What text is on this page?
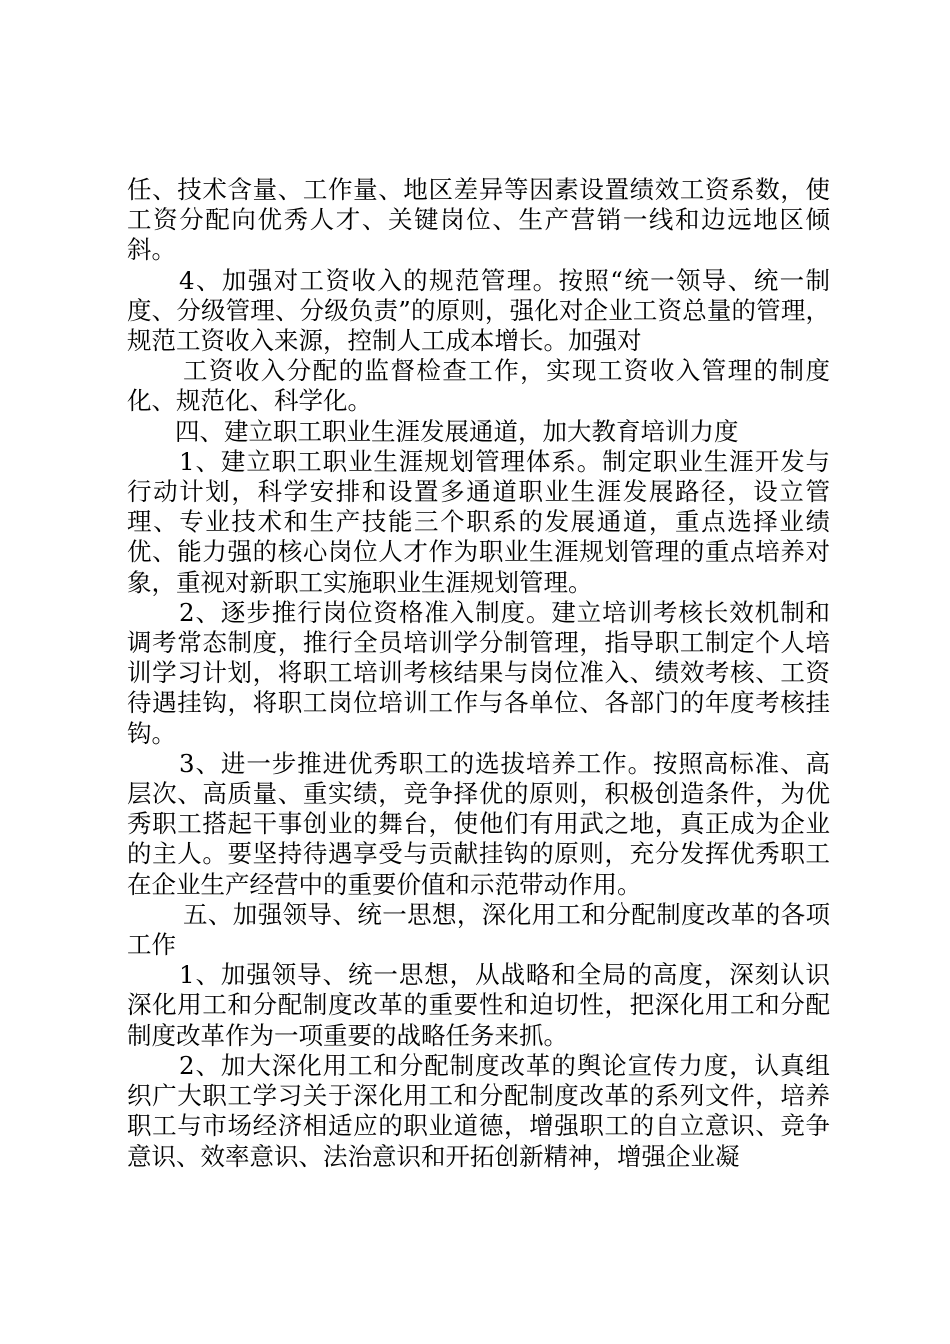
任、技术含量、工作量、地区差异等因素设置绩效工资系数，使工资分配向优秀人才、关键岗位、生产营销一线和边远地区倾斜。

4、加强对工资收入的规范管理。按照“统一领导、统一制度、分级管理、分级负责”的原则，强化对企业工资总量的管理，规范工资收入来源，控制人工成本增长。加强对

工资收入分配的监督检查工作，实现工资收入管理的制度化、规范化、科学化。

四、建立职工职业生涯发展通道，加大教育培训力度

1、建立职工职业生涯规划管理体系。制定职业生涯开发与行动计划，科学安排和设置多通道职业生涯发展路径，设立管理、专业技术和生产技能三个职系的发展通道，重点选择业绩优、能力强的核心岗位人才作为职业生涯规划管理的重点培养对象，重视对新职工实施职业生涯规划管理。

2、逐步推行岗位资格准入制度。建立培训考核长效机制和调考常态制度，推行全员培训学分制管理，指导职工制定个人培训学习计划，将职工培训考核结果与岗位准入、绩效考核、工资待遇挂钩，将职工岗位培训工作与各单位、各部门的年度考核挂钩。

3、进一步推进优秀职工的选拔培养工作。按照高标准、高层次、高质量、重实绩，竞争择优的原则，积极创造条件，为优秀职工搭起干事创业的舞台，使他们有用武之地，真正成为企业的主人。要坚持待遇享受与贡献挂钩的原则，充分发挥优秀职工在企业生产经营中的重要价值和示范带动作用。

五、加强领导、统一思想，深化用工和分配制度改革的各项工作

1、加强领导、统一思想，从战略和全局的高度，深刻认识深化用工和分配制度改革的重要性和迫切性，把深化用工和分配制度改革作为一项重要的战略任务来抓。

2、加大深化用工和分配制度改革的舆论宣传力度，认真组织广大职工学习关于深化用工和分配制度改革的系列文件，培养职工与市场经济相适应的职业道德，增强职工的自立意识、竞争意识、效率意识、法治意识和开拓创新精神，增强企业凝
